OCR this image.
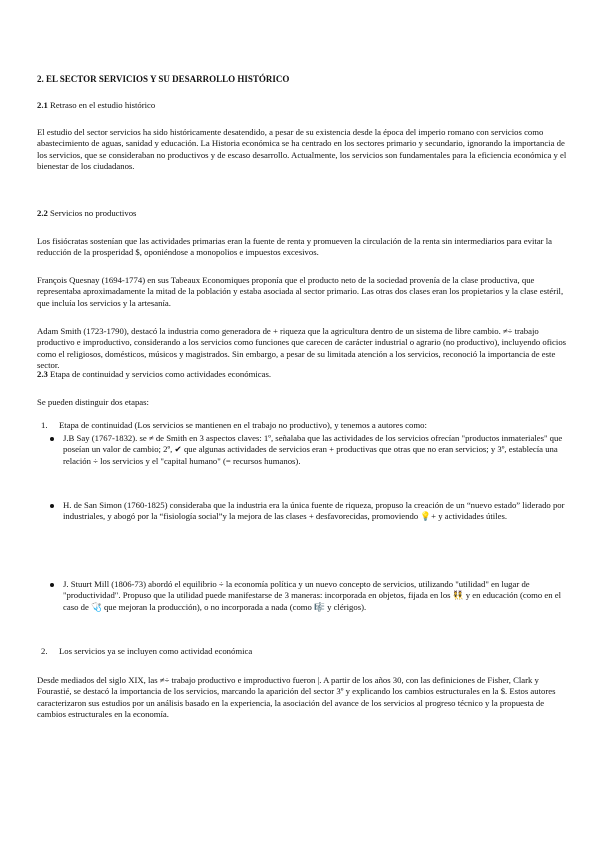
2. EL SECTOR SERVICIOS Y SU DESARROLLO HISTÓRICO
2.1 Retraso en el estudio histórico

El estudio del sector servicios ha sido históricamente desatendido, a pesar de su existencia desde la época del imperio romano con servicios como abastecimiento de aguas, sanidad y educación. La Historia económica se ha centrado en los sectores primario y secundario, ignorando la importancia de los servicios, que se consideraban no productivos y de escaso desarrollo. Actualmente, los servicios son fundamentales para la eficiencia económica y el bienestar de los ciudadanos.

2.2 Servicios no productivos

Los fisiócratas sostenían que las actividades primarias eran la fuente de renta y promueven la circulación de la renta sin intermediarios para evitar la reducción de la prosperidad $, oponiéndose a monopolios e impuestos excesivos.

François Quesnay (1694-1774) en sus Tabeaux Economiques proponía que el producto neto de la sociedad provenía de la clase productiva, que representaba aproximadamente la mitad de la población y estaba asociada al sector primario. Las otras dos clases eran los propietarios y la clase estéril, que incluía los servicios y la artesanía.

Adam Smith (1723-1790), destacó la industria como generadora de + riqueza que la agricultura dentro de un sistema de libre cambio. ≠÷ trabajo productivo e improductivo, considerando a los servicios como funciones que carecen de carácter industrial o agrario (no productivo), incluyendo oficios como el religiosos, domésticos, músicos y magistrados. Sin embargo, a pesar de su limitada atención a los servicios, reconoció la importancia de este sector.

2.3 Etapa de continuidad y servicios como actividades económicas.

Se pueden distinguir dos etapas:

1. Etapa de continuidad (Los servicios se mantienen en el trabajo no productivo), y tenemos a autores como:
J.B Say (1767-1832). se ≠ de Smith en 3 aspectos claves: 1º, señalaba que las actividades de los servicios ofrecían "productos inmateriales" que poseían un valor de cambio; 2º, ✔ que algunas actividades de servicios eran + productivas que otras que no eran servicios; y 3º, establecía una relación ÷ los servicios y el "capital humano" (= recursos humanos).
H. de San Simon (1760-1825) consideraba que la industria era la única fuente de riqueza, propuso la creación de un “nuevo estado” liderado por industriales, y abogó por la “fisiología social”y la mejora de las clases + desfavorecidas, promoviendo 💡+ y actividades útiles.
J. Stuurt Mill (1806-73) abordó el equilibrio ÷ la economía política y un nuevo concepto de servicios, utilizando "utilidad" en lugar de "productividad". Propuso que la utilidad puede manifestarse de 3 maneras: incorporada en objetos, fijada en los 👯 y en educación (como en el caso de 🩺 que mejoran la producción), o no incorporada a nada (como 🎼 y clérigos).
2. Los servicios ya se incluyen como actividad económica

Desde mediados del siglo XIX, las ≠÷ trabajo productivo e improductivo fueron |. A partir de los años 30, con las definiciones de Fisher, Clark y Fourastié, se destacó la importancia de los servicios, marcando la aparición del sector 3º y explicando los cambios estructurales en la $. Estos autores caracterizaron sus estudios por un análisis basado en la experiencia, la asociación del avance de los servicios al progreso técnico y la propuesta de cambios estructurales en la economía.
